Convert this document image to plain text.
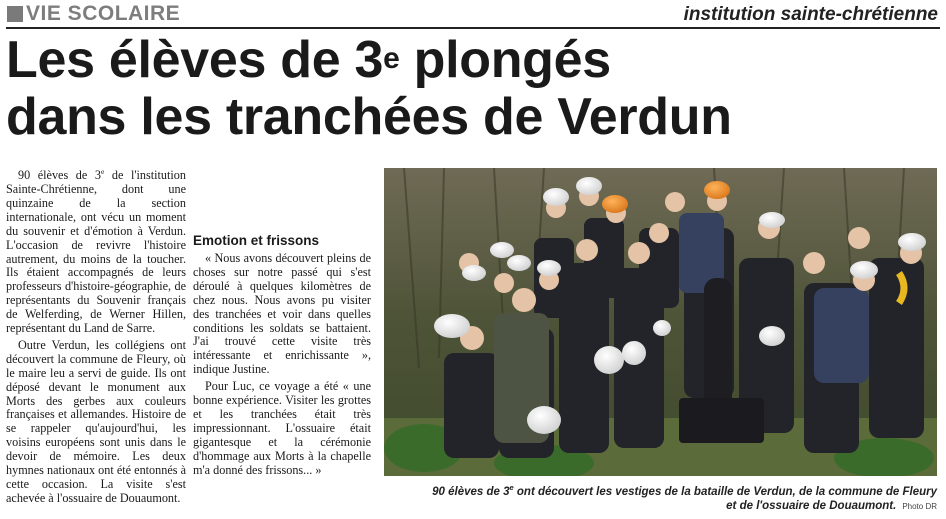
VIE SCOLAIRE	institution sainte-chrétienne
Les élèves de 3e plongés
dans les tranchées de Verdun

90 élèves de 3e de l'institution Sainte-Chrétienne, dont une quinzaine de la section internationale, ont vécu un moment du souvenir et d'émotion à Verdun. L'occasion de revivre l'histoire autrement, du moins de la toucher. Ils étaient accompagnés de leurs professeurs d'histoire-géographie, de représentants du Souvenir français de Welferding, de Werner Hillen, représentant du Land de Sarre.

Outre Verdun, les collégiens ont découvert la commune de Fleury, où le maire leu a servi de guide. Ils ont déposé devant le monument aux Morts des gerbes aux couleurs françaises et allemandes. Histoire de se rappeler qu'aujourd'hui, les voisins européens sont unis dans le devoir de mémoire. Les deux hymnes nationaux ont été entonnés à cette occasion. La visite s'est achevée à l'ossuaire de Douaumont.

Emotion et frissons

« Nous avons découvert pleins de choses sur notre passé qui s'est déroulé à quelques kilomètres de chez nous. Nous avons pu visiter des tranchées et voir dans quelles conditions les soldats se battaient. J'ai trouvé cette visite très intéressante et enrichissante », indique Justine.

Pour Luc, ce voyage a été « une bonne expérience. Visiter les grottes et les tranchées était très impressionnant. L'ossuaire était gigantesque et la cérémonie d'hommage aux Morts à la chapelle m'a donné des frissons... »

90 élèves de 3e ont découvert les vestiges de la bataille de Verdun, de la commune de Fleury
et de l'ossuaire de Douaumont. Photo DR
